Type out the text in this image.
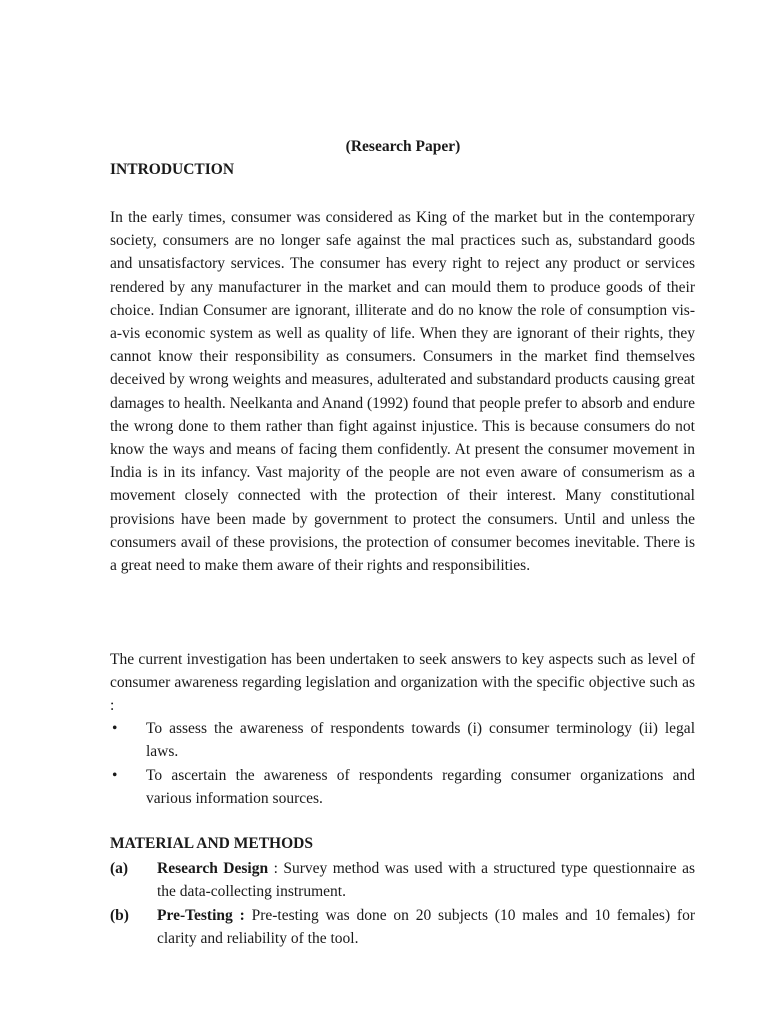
(Research Paper)
INTRODUCTION
In the early times, consumer was considered as King of the market but in the contemporary society, consumers are no longer safe against the mal practices such as, substandard goods and unsatisfactory services. The consumer has every right to reject any product or services rendered by any manufacturer in the market and can mould them to produce goods of their choice. Indian Consumer are ignorant, illiterate and do no know the role of consumption vis-a-vis economic system as well as quality of life. When they are ignorant of their rights, they cannot know their responsibility as consumers. Consumers in the market find themselves deceived by wrong weights and measures, adulterated and substandard products causing great damages to health. Neelkanta and Anand (1992) found that people prefer to absorb and endure the wrong done to them rather than fight against injustice. This is because consumers do not know the ways and means of facing them confidently. At present the consumer movement in India is in its infancy. Vast majority of the people are not even aware of consumerism as a movement closely connected with the protection of their interest. Many constitutional provisions have been made by government to protect the consumers. Until and unless the consumers avail of these provisions, the protection of consumer becomes inevitable. There is a great need to make them aware of their rights and responsibilities.
The current investigation has been undertaken to seek answers to key aspects such as level of consumer awareness regarding legislation and organization with the specific objective such as :
• To assess the awareness of respondents towards (i) consumer terminology (ii) legal laws.
• To ascertain the awareness of respondents regarding consumer organizations and various information sources.
MATERIAL AND METHODS
(a) Research Design : Survey method was used with a structured type questionnaire as the data-collecting instrument.
(b) Pre-Testing : Pre-testing was done on 20 subjects (10 males and 10 females) for clarity and reliability of the tool.
